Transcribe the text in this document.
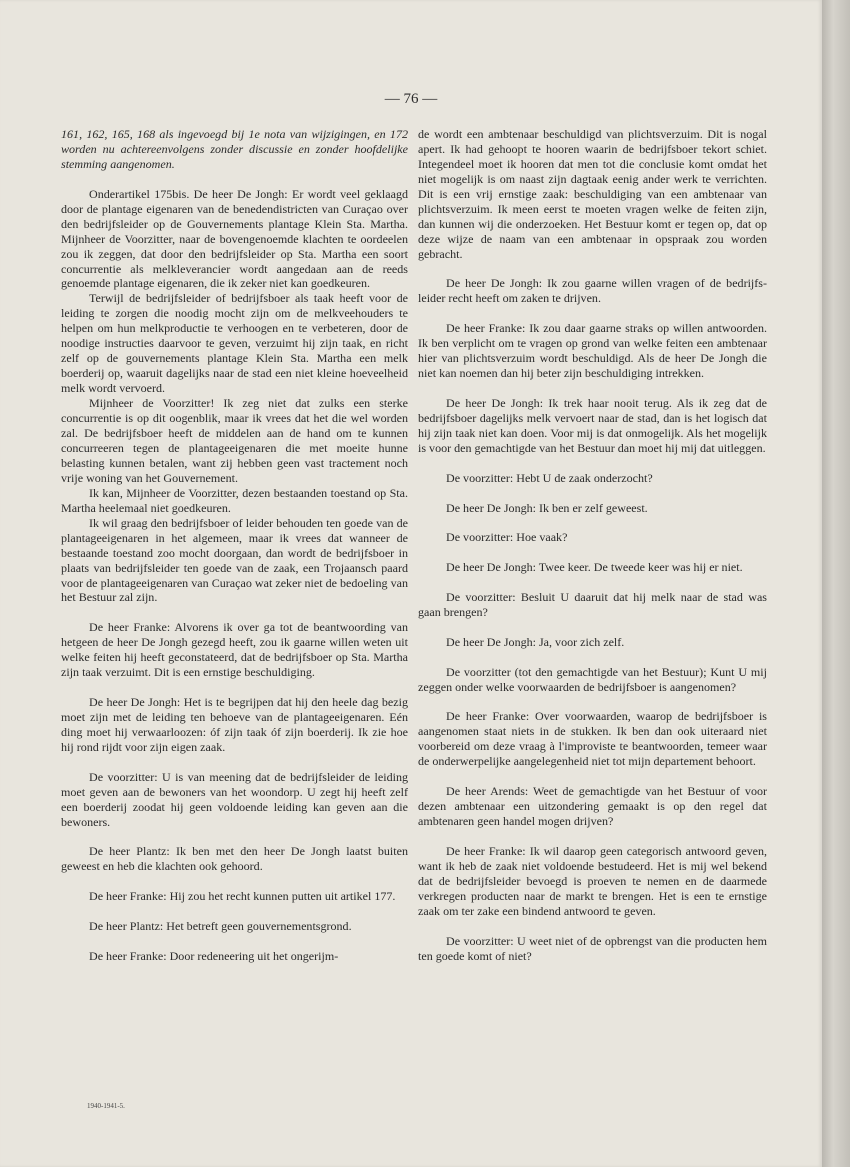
— 76 —

161, 162, 165, 168 als ingevoegd bij 1e nota van wijzigingen, en 172 worden nu achtereenvolgens zonder discussie en zonder hoofdelijke stemming aangenomen.

Onderartikel 175bis. De heer De Jongh: Er wordt veel geklaagd door de plantage eigenaren van de benedendistricten van Curaçao over den bedrijfsleider op de Gouvernements plantage Klein Sta. Martha. Mijnheer de Voorzitter, naar de bovengenoemde klachten te oordeelen zou ik zeggen, dat door den bedrijfsleider op Sta. Martha een soort concurrentie als melkleverancier wordt aangedaan aan de reeds genoemde plantage eigenaren, die ik zeker niet kan goedkeuren.

Terwijl de bedrijfsleider of bedrijfsboer als taak heeft voor de leiding te zorgen die noodig mocht zijn om de melkveehouders te helpen om hun melkproductie te verhoogen en te verbeteren, door de noodige instructies daarvoor te geven, verzuimt hij zijn taak, en richt zelf op de gouvernements plantage Klein Sta. Martha een melk boerderij op, waaruit dagelijks naar de stad een niet kleine hoeveelheid melk wordt vervoerd.

Mijnheer de Voorzitter! Ik zeg niet dat zulks een sterke concurrentie is op dit oogenblik, maar ik vrees dat het die wel worden zal. De bedrijfsboer heeft de middelen aan de hand om te kunnen concurreeren tegen de plantageeigenaren die met moeite hunne belasting kunnen betalen, want zij hebben geen vast tractement noch vrije woning van het Gouvernement.

Ik kan, Mijnheer de Voorzitter, dezen bestaanden toestand op Sta. Martha heelemaal niet goedkeuren.

Ik wil graag den bedrijfsboer of leider behouden ten goede van de plantageeigenaren in het algemeen, maar ik vrees dat wanneer de bestaande toestand zoo mocht doorgaan, dan wordt de bedrijfsboer in plaats van bedrijfsleider ten goede van de zaak, een Trojaansch paard voor de plantageeigenaren van Curaçao wat zeker niet de bedoeling van het Bestuur zal zijn.

De heer Franke: Alvorens ik over ga tot de beantwoording van hetgeen de heer De Jongh gezegd heeft, zou ik gaarne willen weten uit welke feiten hij heeft geconstateerd, dat de bedrijfsboer op Sta. Martha zijn taak verzuimt. Dit is een ernstige beschuldiging.

De heer De Jongh: Het is te begrijpen dat hij den heele dag bezig moet zijn met de leiding ten behoeve van de plantageeigenaren. Eén ding moet hij verwaarloozen: óf zijn taak óf zijn boerderij. Ik zie hoe hij rond rijdt voor zijn eigen zaak.

De voorzitter: U is van meening dat de bedrijfsleider de leiding moet geven aan de bewoners van het woondorp. U zegt hij heeft zelf een boerderij zoodat hij geen voldoende leiding kan geven aan die bewoners.

De heer Plantz: Ik ben met den heer De Jongh laatst buiten geweest en heb die klachten ook gehoord.

De heer Franke: Hij zou het recht kunnen putten uit artikel 177.

De heer Plantz: Het betreft geen gouvernementsgrond.

De heer Franke: Door redeneering uit het ongerijm-

de wordt een ambtenaar beschuldigd van plichtsverzuim. Dit is nogal apert. Ik had gehoopt te hooren waarin de bedrijfsboer tekort schiet. Integendeel moet ik hooren dat men tot die conclusie komt omdat het niet mogelijk is om naast zijn dagtaak eenig ander werk te verrichten. Dit is een vrij ernstige zaak: beschuldiging van een ambtenaar van plichtsverzuim. Ik meen eerst te moeten vragen welke de feiten zijn, dan kunnen wij die onderzoeken. Het Bestuur komt er tegen op, dat op deze wijze de naam van een ambtenaar in opspraak zou worden gebracht.

De heer De Jongh: Ik zou gaarne willen vragen of de bedrijfs-leider recht heeft om zaken te drijven.

De heer Franke: Ik zou daar gaarne straks op willen antwoorden. Ik ben verplicht om te vragen op grond van welke feiten een ambtenaar hier van plichtsverzuim wordt beschuldigd. Als de heer De Jongh die niet kan noemen dan hij beter zijn beschuldiging intrekken.

De heer De Jongh: Ik trek haar nooit terug. Als ik zeg dat de bedrijfsboer dagelijks melk vervoert naar de stad, dan is het logisch dat hij zijn taak niet kan doen. Voor mij is dat onmogelijk. Als het mogelijk is voor den gemachtigde van het Bestuur dan moet hij mij dat uitleggen.

De voorzitter: Hebt U de zaak onderzocht?

De heer De Jongh: Ik ben er zelf geweest.

De voorzitter: Hoe vaak?

De heer De Jongh: Twee keer. De tweede keer was hij er niet.

De voorzitter: Besluit U daaruit dat hij melk naar de stad was gaan brengen?

De heer De Jongh: Ja, voor zich zelf.

De voorzitter (tot den gemachtigde van het Bestuur); Kunt U mij zeggen onder welke voorwaarden de bedrijfsboer is aangenomen?

De heer Franke: Over voorwaarden, waarop de bedrijfsboer is aangenomen staat niets in de stukken. Ik ben dan ook uiteraard niet voorbereid om deze vraag à l'improviste te beantwoorden, temeer waar de onderwerpelijke aangelegenheid niet tot mijn departement behoort.

De heer Arends: Weet de gemachtigde van het Bestuur of voor dezen ambtenaar een uitzondering gemaakt is op den regel dat ambtenaren geen handel mogen drijven?

De heer Franke: Ik wil daarop geen categorisch antwoord geven, want ik heb de zaak niet voldoende bestudeerd. Het is mij wel bekend dat de bedrijfsleider bevoegd is proeven te nemen en de daarmede verkregen producten naar de markt te brengen. Het is een te ernstige zaak om ter zake een bindend antwoord te geven.

De voorzitter: U weet niet of de opbrengst van die producten hem ten goede komt of niet?

1940-1941-5.
